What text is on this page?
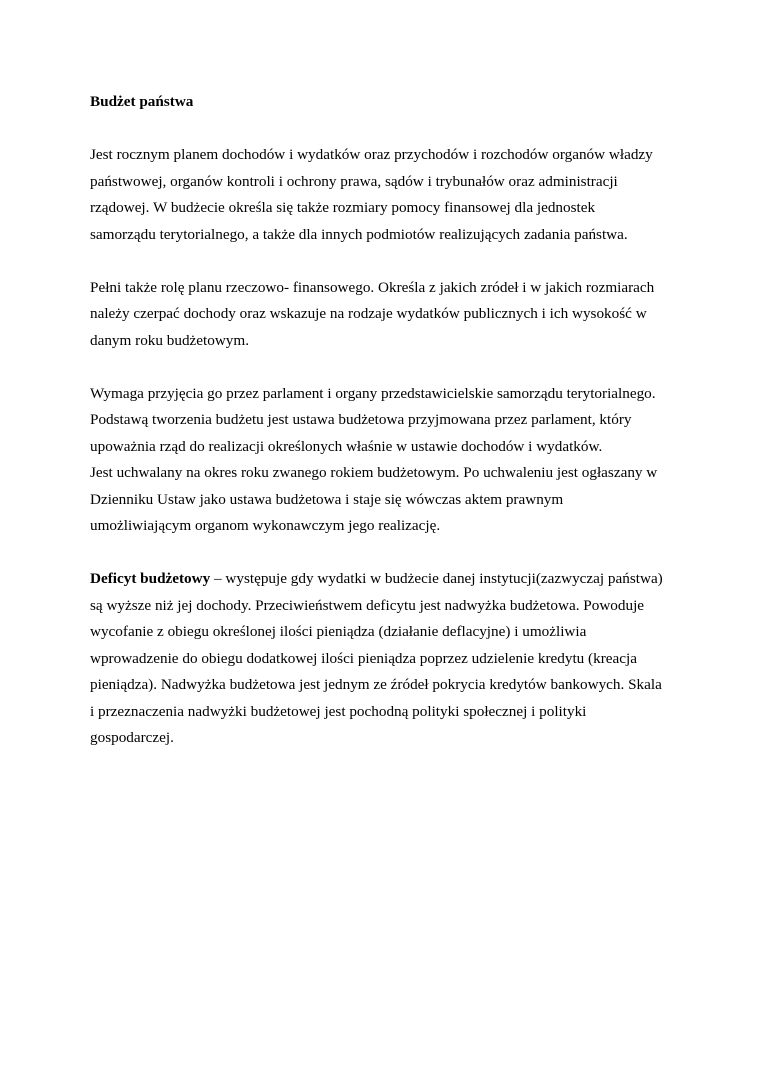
Budżet państwa
Jest rocznym planem dochodów i wydatków oraz przychodów i rozchodów organów władzy
państwowej, organów kontroli i ochrony prawa, sądów i trybunałów oraz administracji
rządowej. W budżecie określa się także rozmiary pomocy finansowej dla jednostek
samorządu terytorialnego, a także dla innych podmiotów realizujących zadania państwa.
Pełni także rolę planu rzeczowo- finansowego. Określa z jakich zródeł i w jakich rozmiarach
należy czerpać dochody oraz wskazuje na rodzaje wydatków publicznych i ich wysokość w
danym roku budżetowym.
Wymaga przyjęcia go przez parlament i organy przedstawicielskie samorządu terytorialnego.
Podstawą tworzenia budżetu jest ustawa budżetowa przyjmowana przez parlament, który
upoważnia rząd do realizacji określonych właśnie w ustawie dochodów i wydatków.
Jest uchwalany na okres roku zwanego rokiem budżetowym. Po uchwaleniu jest ogłaszany w
Dzienniku Ustaw jako ustawa budżetowa i staje się wówczas aktem prawnym
umożliwiającym organom wykonawczym jego realizację.
Deficyt budżetowy – występuje gdy wydatki w budżecie danej instytucji(zazwyczaj państwa)
są wyższe niż jej dochody. Przeciwieństwem deficytu jest nadwyżka budżetowa. Powoduje
wycofanie z obiegu określonej ilości pieniądza (działanie deflacyjne) i umożliwia
wprowadzenie do obiegu dodatkowej ilości pieniądza poprzez udzielenie kredytu (kreacja
pieniądza). Nadwyżka budżetowa jest jednym ze źródeł pokrycia kredytów bankowych. Skala
i przeznaczenia nadwyżki budżetowej jest pochodną polityki społecznej i polityki
gospodarczej.
